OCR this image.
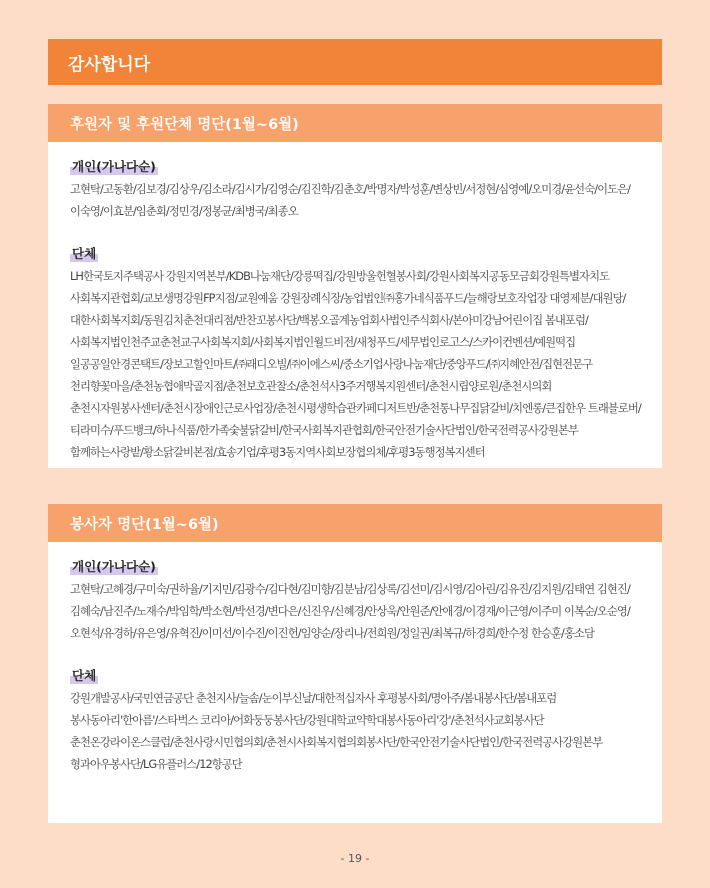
감사합니다
후원자 및 후원단체 명단(1월~6월)
개인(가나다순)
고현탁/고동환/김보경/김상우/김소라/김시가/김영순/김진학/김춘호/박명자/박성훈/변상빈/서정현/심영예/오미경/윤선숙/이도은/이숙영/이효분/임춘회/정민경/정봉균/최병국/최종오
단체
LH한국토지주택공사 강원지역본부/KDB나눔재단/강릉떡집/강원방울헌혈봉사회/강원사회복지공동모금회강원특별자치도 사회복지관협회/교보생명강원FP지점/교원예움 강원장례식장/농업법인㈜홍가네식품푸드/늘해랑보호작업장 대영제분/대원당/대한사회복지회/동원김치춘천대리점/반찬꼬봉사단/백봉오골계농업회사법인주식회사/본아미강남어린이집 봄내포럼/사회복지법인천주교춘천교구사회복지회/사회복지법인월드비전/새청푸드/세무법인로고스/스카이컨벤션/예원떡집 일공공일안경콘택트/장보고할인마트/㈜래디오빌/㈜이에스씨/중소기업사랑나눔재단/중앙푸드/㈜지혜안전/집현전문구 천리향꽃마을/춘천농협애막골지점/춘천보호관찰소/춘천석사3주거행복지원센터/춘천시립양로원/춘천시의회 춘천시자원봉사센터/춘천시장애인근로사업장/춘천시평생학습관카페디저트반/춘천통나무집닭갈비/치엔롱/큰집한우 트래블로버/티라미수/푸드뱅크/하나식품/한가족숯불닭갈비/한국사회복지관협회/한국안전기술사단법인/한국전력공사강원본부 함께하는사랑밭/황소닭갈비본점/효송기업/후평3동지역사회보장협의체/후평3동행정복지센터
봉사자 명단(1월~6월)
개인(가나다순)
고현탁/고혜경/구미숙/권하율/기지민/김광수/김다현/김미향/김분남/김상록/김선미/김시영/김아린/김유진/김지원/김태연 김현진/김혜숙/남진주/노재수/박임학/박소현/박선경/변다은/신진우/신혜경/안상욱/안원준/안애경/이경재/이근영/이주미 이복순/오순영/오현석/유경하/유은영/유혁진/이미선/이수진/이진헌/임양순/장리나/전희원/정일권/최복규/하경희/한수정 한승훈/홍소담
단체
강원개발공사/국민연금공단 춘천지사/늘솜/눈이부신날/대한적십자사 후평봉사회/명아주/봄내봉사단/봄내포럼 봉사동아리'한아름'/스타벅스 코리아/어화둥둥봉사단/강원대학교약학대봉사동아리'강'/춘천석사교회봉사단 춘천온강라이온스클럽/춘천사랑시민협의회/춘천시사회복지협의회봉사단/한국안전기술사단법인/한국전력공사강원본부 형과아우봉사단/LG유플러스/12항공단
- 19 -
